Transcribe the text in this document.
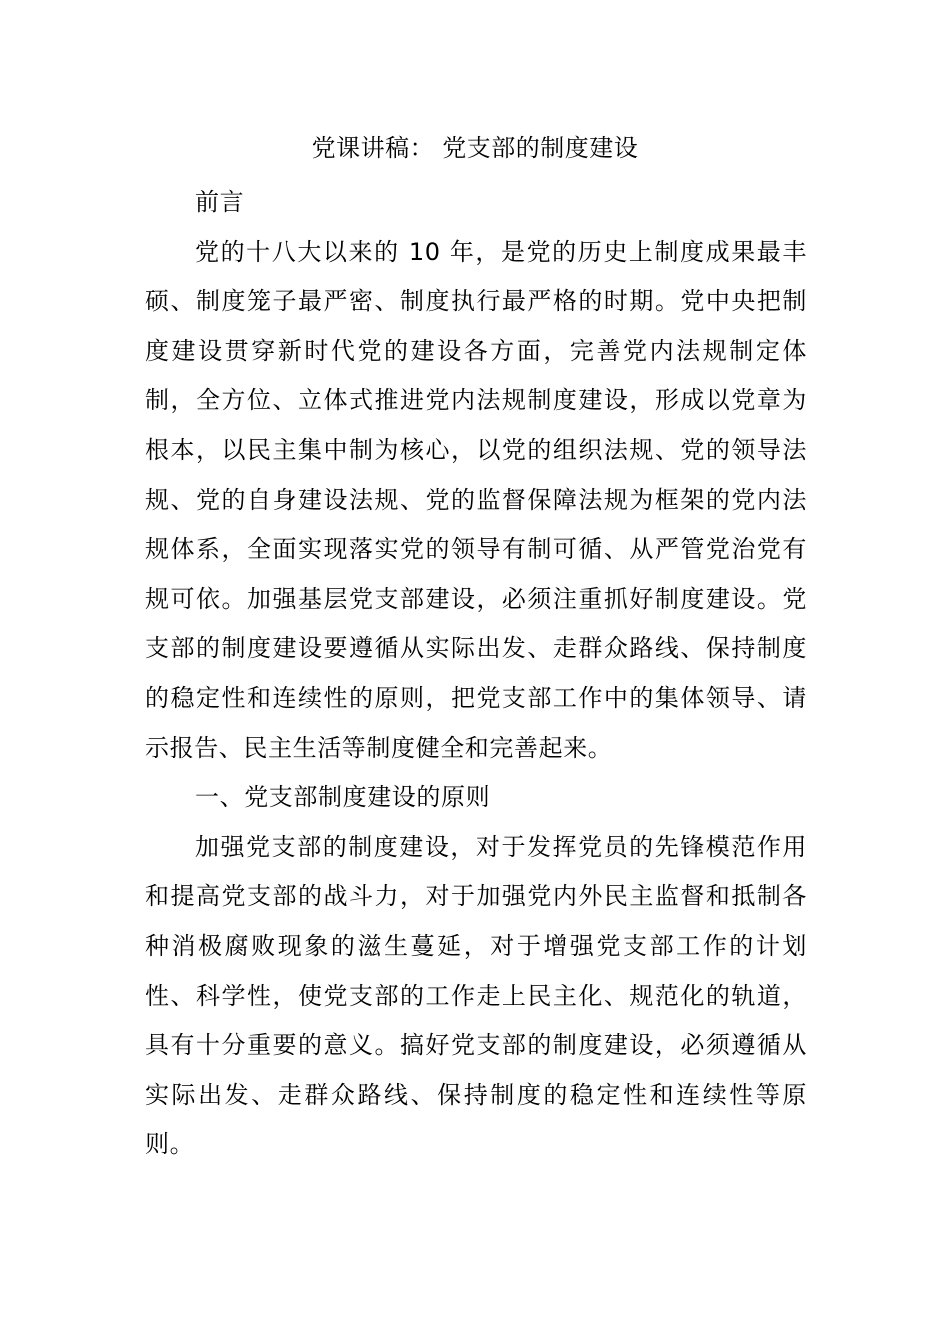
党课讲稿： 党支部的制度建设

前言

党的十八大以来的 10 年，是党的历史上制度成果最丰硕、制度笼子最严密、制度执行最严格的时期。党中央把制度建设贯穿新时代党的建设各方面，完善党内法规制定体制，全方位、立体式推进党内法规制度建设，形成以党章为根本，以民主集中制为核心，以党的组织法规、党的领导法规、党的自身建设法规、党的监督保障法规为框架的党内法规体系，全面实现落实党的领导有制可循、从严管党治党有规可依。加强基层党支部建设，必须注重抓好制度建设。党支部的制度建设要遵循从实际出发、走群众路线、保持制度的稳定性和连续性的原则，把党支部工作中的集体领导、请示报告、民主生活等制度健全和完善起来。

一、党支部制度建设的原则

加强党支部的制度建设，对于发挥党员的先锋模范作用和提高党支部的战斗力，对于加强党内外民主监督和抵制各种消极腐败现象的滋生蔓延，对于增强党支部工作的计划性、科学性，使党支部的工作走上民主化、规范化的轨道，具有十分重要的意义。搞好党支部的制度建设，必须遵循从实际出发、走群众路线、保持制度的稳定性和连续性等原则。
